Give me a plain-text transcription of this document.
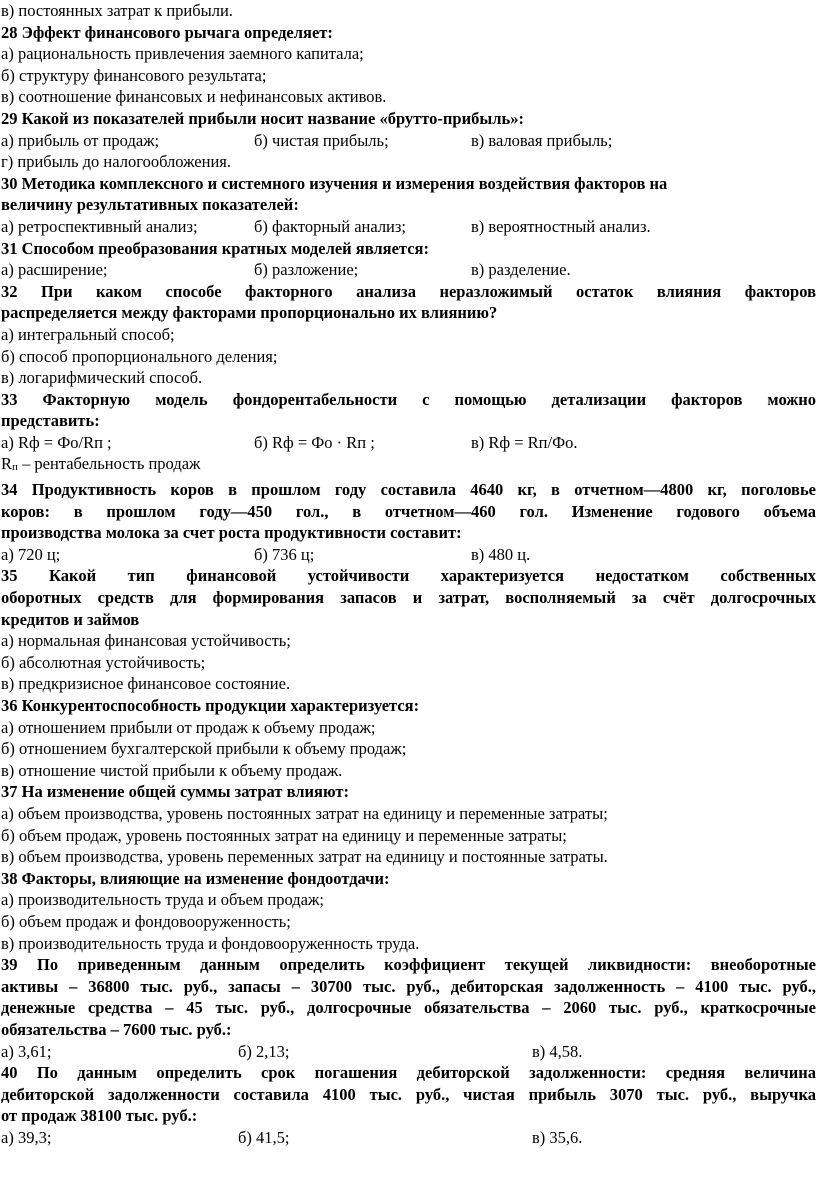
в) постоянных затрат к прибыли.
28 Эффект финансового рычага определяет:
а) рациональность привлечения заемного капитала;
б) структуру финансового результата;
в) соотношение финансовых и нефинансовых активов.
29 Какой из показателей прибыли носит название «брутто-прибыль»:
а) прибыль от продаж;	б) чистая прибыль;	в) валовая прибыль;
г) прибыль до налогообложения.
30 Методика комплексного и системного изучения и измерения воздействия факторов на
величину результативных показателей:
а) ретроспективный анализ;	б) факторный анализ;	в) вероятностный анализ.
31 Способом преобразования кратных моделей является:
а) расширение;	б) разложение;	в) разделение.
32 При каком способе факторного анализа неразложимый остаток влияния факторов
распределяется между факторами пропорционально их влиянию?
а) интегральный способ;
б) способ пропорционального деления;
в) логарифмический способ.
33 Факторную модель фондорентабельности с помощью детализации факторов можно
представить:
а) Rф = Фо/Rп ;	б) Rф = Фо · Rп ;	в) Rф = Rп/Фо.
$R_п$ – рентабельность продаж
34 Продуктивность коров в прошлом году составила 4640 кг, в отчетном—4800 кг, поголовье
коров: в прошлом году—450 гол., в отчетном—460 гол. Изменение годового объема
производства молока за счет роста продуктивности составит:
а) 720 ц;	б) 736 ц;	в) 480 ц.
35 Какой тип финансовой устойчивости характеризуется недостатком собственных
оборотных средств для формирования запасов и затрат, восполняемый за счёт долгосрочных
кредитов и займов
а) нормальная финансовая устойчивость;
б) абсолютная устойчивость;
в) предкризисное финансовое состояние.
36 Конкурентоспособность продукции характеризуется:
а) отношением прибыли от продаж к объему продаж;
б) отношением бухгалтерской прибыли к объему продаж;
в) отношение чистой прибыли к объему продаж.
37 На изменение общей суммы затрат влияют:
а) объем производства, уровень постоянных затрат на единицу и переменные затраты;
б) объем продаж, уровень постоянных затрат на единицу и переменные затраты;
в) объем производства, уровень переменных затрат на единицу и постоянные затраты.
38 Факторы, влияющие на изменение фондоотдачи:
а) производительность труда и объем продаж;
б) объем продаж и фондовооруженность;
в) производительность труда и фондовооруженность труда.
39 По приведенным данным определить коэффициент текущей ликвидности: внеоборотные
активы – 36800 тыс. руб., запасы – 30700 тыс. руб., дебиторская задолженность – 4100 тыс. руб.,
денежные средства – 45 тыс. руб., долгосрочные обязательства – 2060 тыс. руб., краткосрочные
обязательства – 7600 тыс. руб.:
а) 3,61;	б) 2,13;	в) 4,58.
40 По данным определить срок погашения дебиторской задолженности: средняя величина
дебиторской задолженности составила 4100 тыс. руб., чистая прибыль 3070 тыс. руб., выручка
от продаж 38100 тыс. руб.:
а) 39,3;	б) 41,5;	в) 35,6.
